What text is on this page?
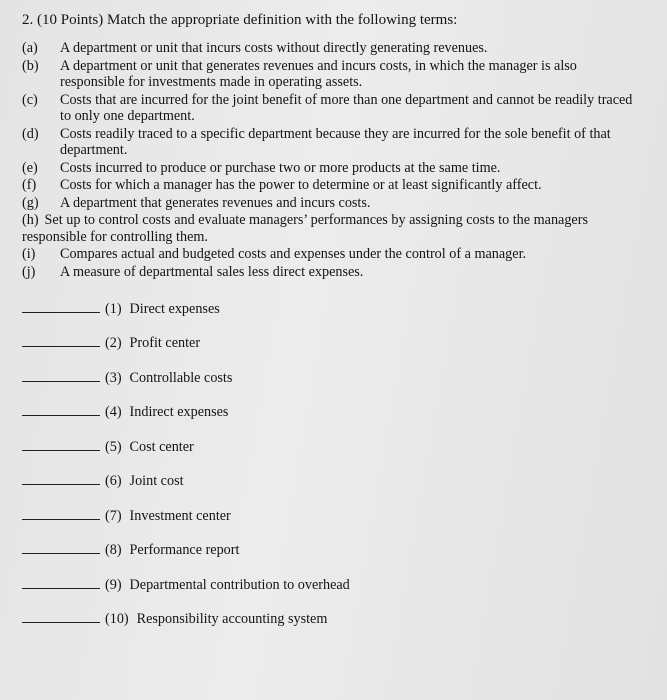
2. (10 Points) Match the appropriate definition with the following terms:
(a) A department or unit that incurs costs without directly generating revenues.
(b) A department or unit that generates revenues and incurs costs, in which the manager is also responsible for investments made in operating assets.
(c) Costs that are incurred for the joint benefit of more than one department and cannot be readily traced to only one department.
(d) Costs readily traced to a specific department because they are incurred for the sole benefit of that department.
(e) Costs incurred to produce or purchase two or more products at the same time.
(f) Costs for which a manager has the power to determine or at least significantly affect.
(g) A department that generates revenues and incurs costs.
(h) Set up to control costs and evaluate managers’ performances by assigning costs to the managers responsible for controlling them.
(i) Compares actual and budgeted costs and expenses under the control of a manager.
(j) A measure of departmental sales less direct expenses.
(1) Direct expenses
(2) Profit center
(3) Controllable costs
(4) Indirect expenses
(5) Cost center
(6) Joint cost
(7) Investment center
(8) Performance report
(9) Departmental contribution to overhead
(10) Responsibility accounting system
